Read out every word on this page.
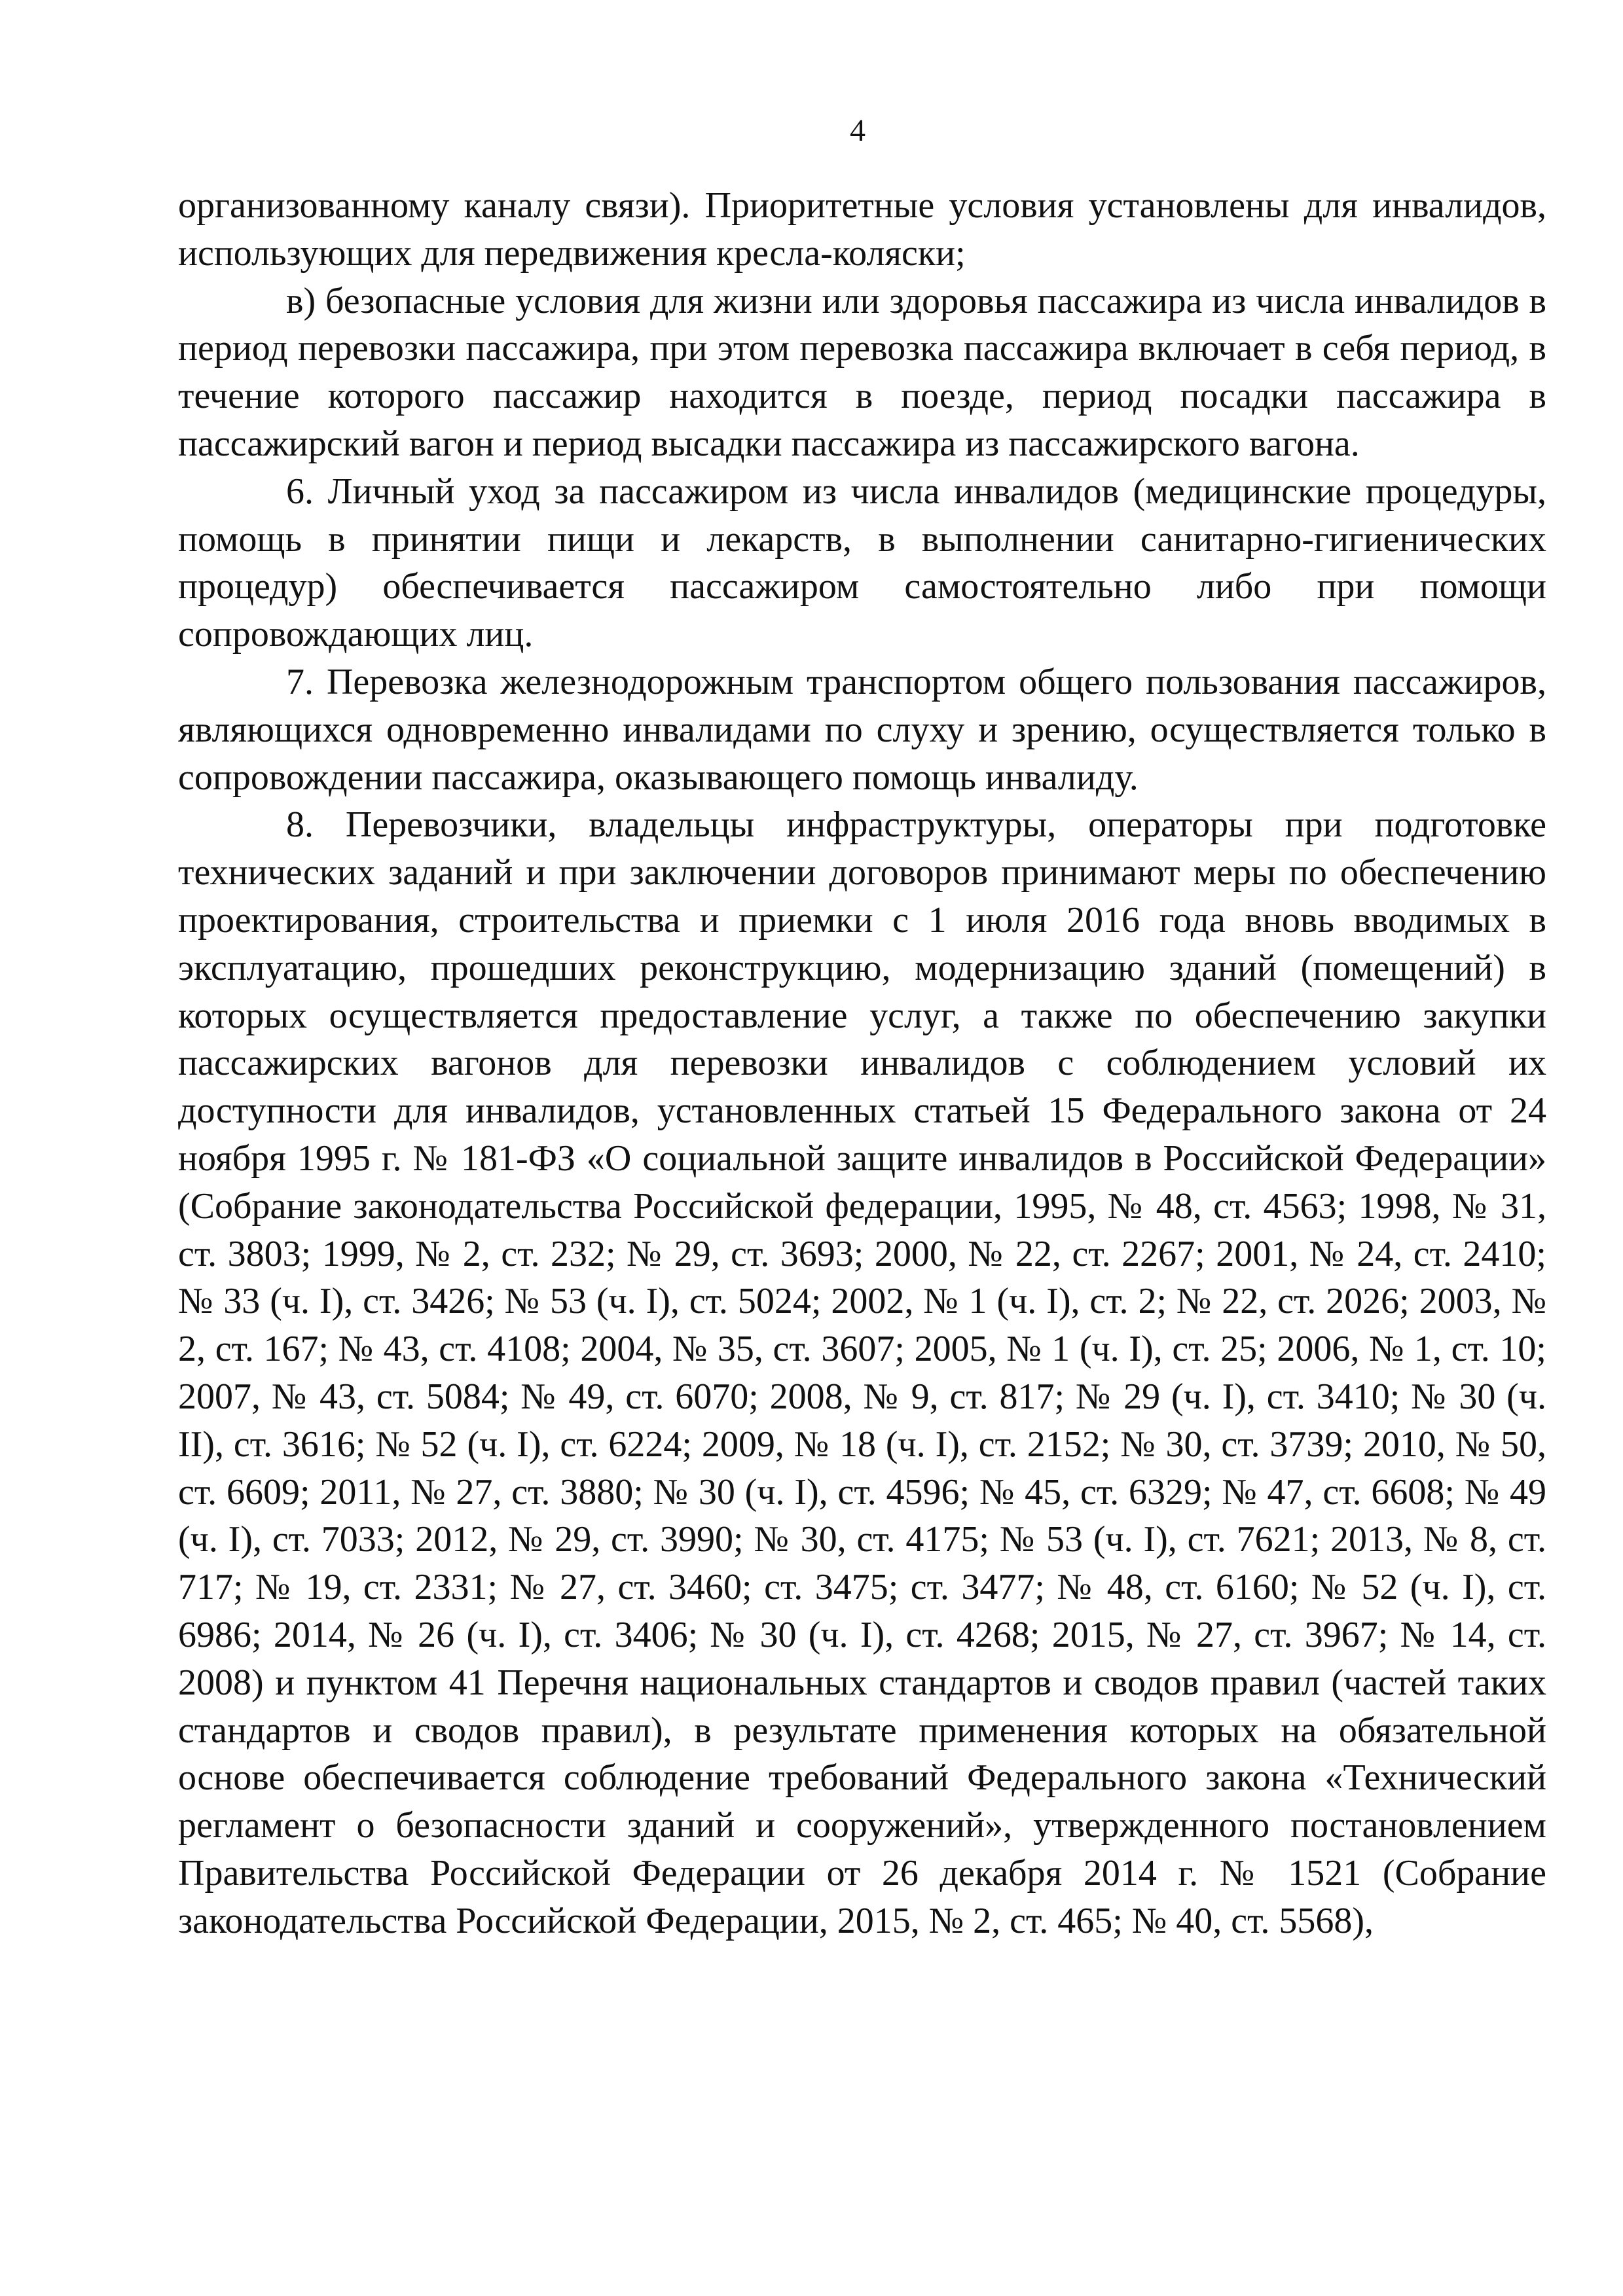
4

организованному каналу связи). Приоритетные условия установлены для инвалидов, использующих для передвижения кресла-коляски;

в) безопасные условия для жизни или здоровья пассажира из числа инвалидов в период перевозки пассажира, при этом перевозка пассажира включает в себя период, в течение которого пассажир находится в поезде, период посадки пассажира в пассажирский вагон и период высадки пассажира из пассажирского вагона.

6. Личный уход за пассажиром из числа инвалидов (медицинские процедуры, помощь в принятии пищи и лекарств, в выполнении санитарно-гигиенических процедур) обеспечивается пассажиром самостоятельно либо при помощи сопровождающих лиц.

7. Перевозка железнодорожным транспортом общего пользования пассажиров, являющихся одновременно инвалидами по слуху и зрению, осуществляется только в сопровождении пассажира, оказывающего помощь инвалиду.

8. Перевозчики, владельцы инфраструктуры, операторы при подготовке технических заданий и при заключении договоров принимают меры по обеспечению проектирования, строительства и приемки с 1 июля 2016 года вновь вводимых в эксплуатацию, прошедших реконструкцию, модернизацию зданий (помещений) в которых осуществляется предоставление услуг, а также по обеспечению закупки пассажирских вагонов для перевозки инвалидов с соблюдением условий их доступности для инвалидов, установленных статьей 15 Федерального закона от 24 ноября 1995 г. № 181-ФЗ «О социальной защите инвалидов в Российской Федерации» (Собрание законодательства Российской федерации, 1995, № 48, ст. 4563; 1998, № 31, ст. 3803; 1999, № 2, ст. 232; № 29, ст. 3693; 2000, № 22, ст. 2267; 2001, № 24, ст. 2410; № 33 (ч. I), ст. 3426; № 53 (ч. I), ст. 5024; 2002, № 1 (ч. I), ст. 2; № 22, ст. 2026; 2003, № 2, ст. 167; № 43, ст. 4108; 2004, № 35, ст. 3607; 2005, № 1 (ч. I), ст. 25; 2006, № 1, ст. 10; 2007, № 43, ст. 5084; № 49, ст. 6070; 2008, № 9, ст. 817; № 29 (ч. I), ст. 3410; № 30 (ч. II), ст. 3616; № 52 (ч. I), ст. 6224; 2009, № 18 (ч. I), ст. 2152; № 30, ст. 3739; 2010, № 50, ст. 6609; 2011, № 27, ст. 3880; № 30 (ч. I), ст. 4596; № 45, ст. 6329; № 47, ст. 6608; № 49 (ч. I), ст. 7033; 2012, № 29, ст. 3990; № 30, ст. 4175; № 53 (ч. I), ст. 7621; 2013, № 8, ст. 717; № 19, ст. 2331; № 27, ст. 3460; ст. 3475; ст. 3477; № 48, ст. 6160; № 52 (ч. I), ст. 6986; 2014, № 26 (ч. I), ст. 3406; № 30 (ч. I), ст. 4268; 2015, № 27, ст. 3967; № 14, ст. 2008) и пунктом 41 Перечня национальных стандартов и сводов правил (частей таких стандартов и сводов правил), в результате применения которых на обязательной основе обеспечивается соблюдение требований Федерального закона «Технический регламент о безопасности зданий и сооружений», утвержденного постановлением Правительства Российской Федерации от 26 декабря 2014 г. № 1521 (Собрание законодательства Российской Федерации, 2015, № 2, ст. 465; № 40, ст. 5568),
